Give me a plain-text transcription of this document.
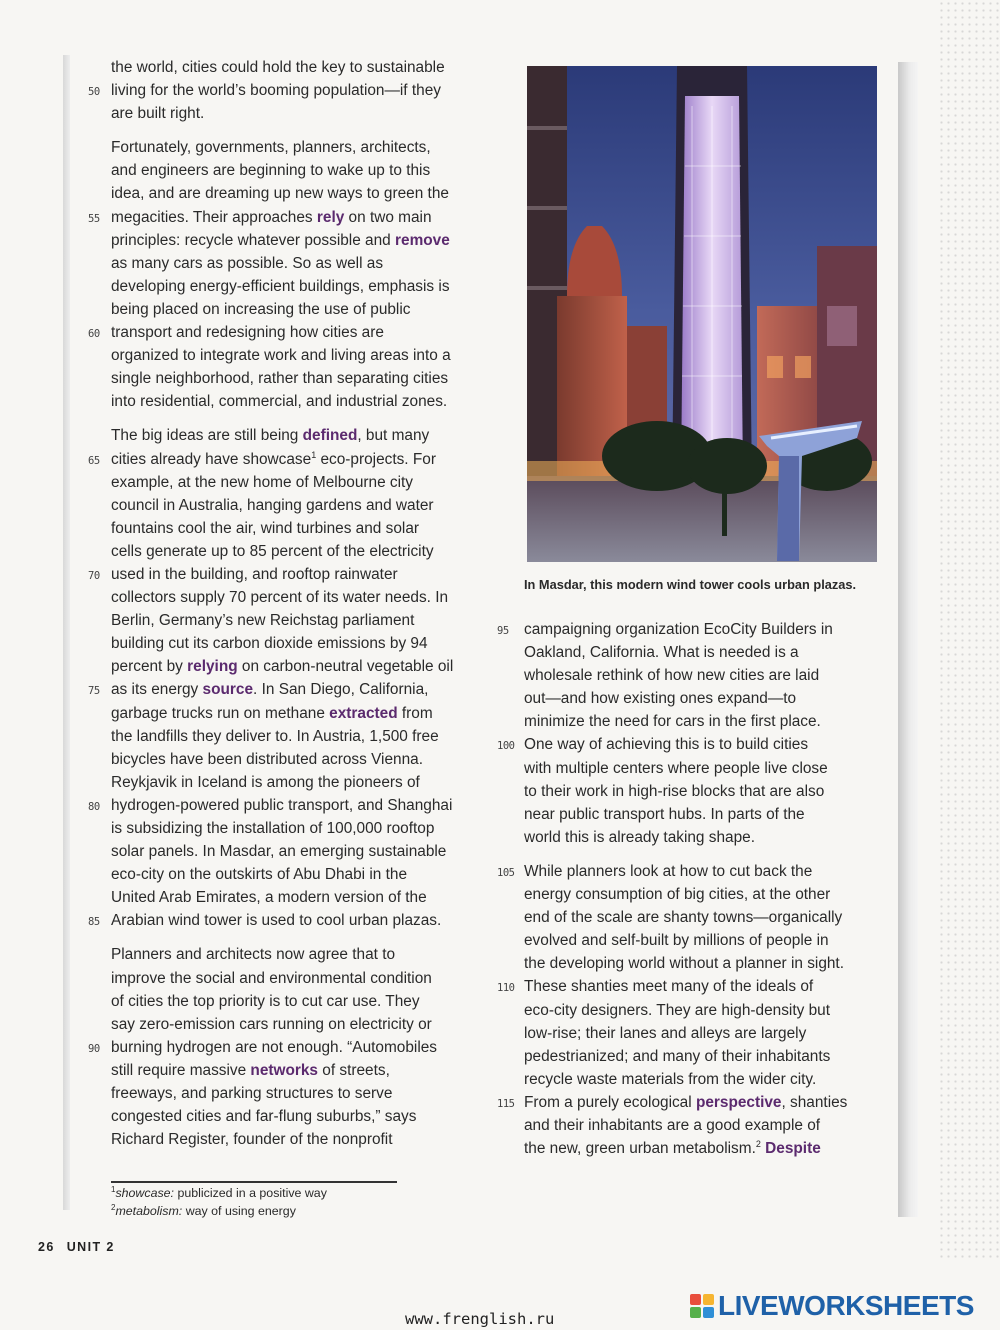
the world, cities could hold the key to sustainable
50 living for the world’s booming population—if they
are built right.

Fortunately, governments, planners, architects,
and engineers are beginning to wake up to this
idea, and are dreaming up new ways to green the
55 megacities. Their approaches rely on two main
principles: recycle whatever possible and remove
as many cars as possible. So as well as
developing energy-efficient buildings, emphasis is
being placed on increasing the use of public
60 transport and redesigning how cities are
organized to integrate work and living areas into a
single neighborhood, rather than separating cities
into residential, commercial, and industrial zones.

The big ideas are still being defined, but many
65 cities already have showcase$^1$ eco-projects. For
example, at the new home of Melbourne city
council in Australia, hanging gardens and water
fountains cool the air, wind turbines and solar
cells generate up to 85 percent of the electricity
70 used in the building, and rooftop rainwater
collectors supply 70 percent of its water needs. In
Berlin, Germany’s new Reichstag parliament
building cut its carbon dioxide emissions by 94
percent by relying on carbon-neutral vegetable oil
75 as its energy source. In San Diego, California,
garbage trucks run on methane extracted from
the landfills they deliver to. In Austria, 1,500 free
bicycles have been distributed across Vienna.
Reykjavik in Iceland is among the pioneers of
80 hydrogen-powered public transport, and Shanghai
is subsidizing the installation of 100,000 rooftop
solar panels. In Masdar, an emerging sustainable
eco-city on the outskirts of Abu Dhabi in the
United Arab Emirates, a modern version of the
85 Arabian wind tower is used to cool urban plazas.

Planners and architects now agree that to
improve the social and environmental condition
of cities the top priority is to cut car use. They
say zero-emission cars running on electricity or
90 burning hydrogen are not enough. “Automobiles
still require massive networks of streets,
freeways, and parking structures to serve
congested cities and far-flung suburbs,” says
Richard Register, founder of the nonprofit

In Masdar, this modern wind tower cools urban plazas.

95 campaigning organization EcoCity Builders in
Oakland, California. What is needed is a
wholesale rethink of how new cities are laid
out—and how existing ones expand—to
minimize the need for cars in the first place.
100 One way of achieving this is to build cities
with multiple centers where people live close
to their work in high-rise blocks that are also
near public transport hubs. In parts of the
world this is already taking shape.

105 While planners look at how to cut back the
energy consumption of big cities, at the other
end of the scale are shanty towns—organically
evolved and self-built by millions of people in
the developing world without a planner in sight.
110 These shanties meet many of the ideals of
eco-city designers. They are high-density but
low-rise; their lanes and alleys are largely
pedestrianized; and many of their inhabitants
recycle waste materials from the wider city.
115 From a purely ecological perspective, shanties
and their inhabitants are a good example of
the new, green urban metabolism.$^2$ Despite

$^1$showcase: publicized in a positive way
$^2$metabolism: way of using energy
26 UNIT 2
www.frenglish.ru	LIVEWORKSHEETS
